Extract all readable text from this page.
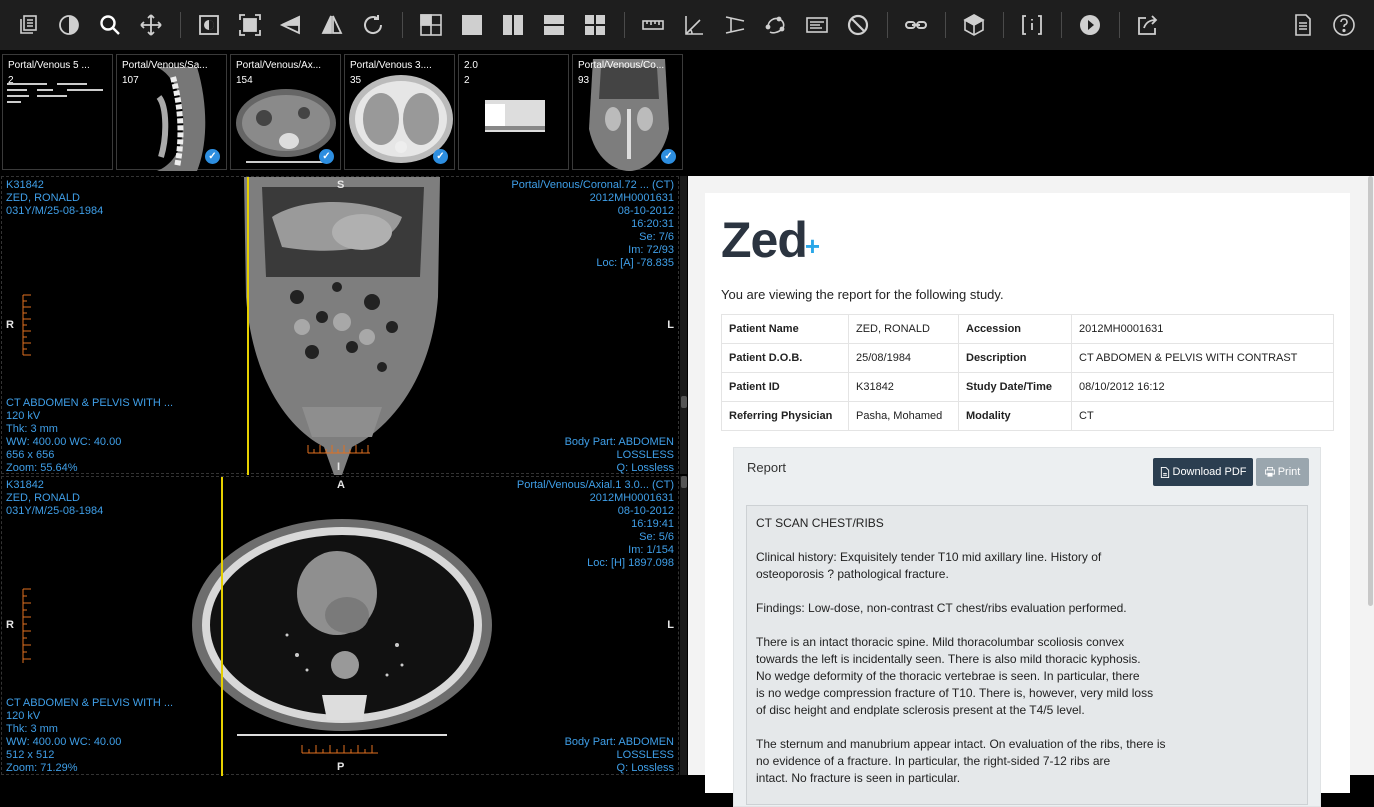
Portal/Venous 5 ...
2
Portal/Venous/Sa...
107
✓
Portal/Venous/Ax...
154
✓
Portal/Venous 3....
35
✓
2.0
2
Portal/Venous/Co...
93
✓
K31842
ZED, RONALD
031Y/M/25-08-1984
Portal/Venous/Coronal.72 ... (CT)
2012MH0001631
08-10-2012
16:20:31
Se: 7/6
Im: 72/93
Loc: [A] -78.835
CT ABDOMEN & PELVIS WITH ...
120 kV
Thk: 3 mm
WW: 400.00 WC: 40.00
656 x 656
Zoom: 55.64%
Body Part: ABDOMEN
LOSSLESS
Q: Lossless
S
I
R	L
K31842
ZED, RONALD
031Y/M/25-08-1984
Portal/Venous/Axial.1 3.0... (CT)
2012MH0001631
08-10-2012
16:19:41
Se: 5/6
Im: 1/154
Loc: [H] 1897.098
CT ABDOMEN & PELVIS WITH ...
120 kV
Thk: 3 mm
WW: 400.00 WC: 40.00
512 x 512
Zoom: 71.29%
Body Part: ABDOMEN
LOSSLESS
Q: Lossless
A
P
R	L
Zed+
You are viewing the report for the following study.
Patient Name	ZED, RONALD	Accession	2012MH0001631
Patient D.O.B.	25/08/1984	Description	CT ABDOMEN & PELVIS WITH CONTRAST
Patient ID	K31842	Study Date/Time	08/10/2012 16:12
Referring Physician	Pasha, Mohamed	Modality	CT
Report	Download PDF	Print

CT SCAN CHEST/RIBS

Clinical history: Exquisitely tender T10 mid axillary line. History of
osteoporosis ? pathological fracture.

Findings: Low-dose, non-contrast CT chest/ribs evaluation performed.

There is an intact thoracic spine. Mild thoracolumbar scoliosis convex
towards the left is incidentally seen. There is also mild thoracic kyphosis.
No wedge deformity of the thoracic vertebrae is seen. In particular, there
is no wedge compression fracture of T10. There is, however, very mild loss
of disc height and endplate sclerosis present at the T4/5 level.

The sternum and manubrium appear intact. On evaluation of the ribs, there is
no evidence of a fracture. In particular, the right-sided 7-12 ribs are
intact. No fracture is seen in particular.
